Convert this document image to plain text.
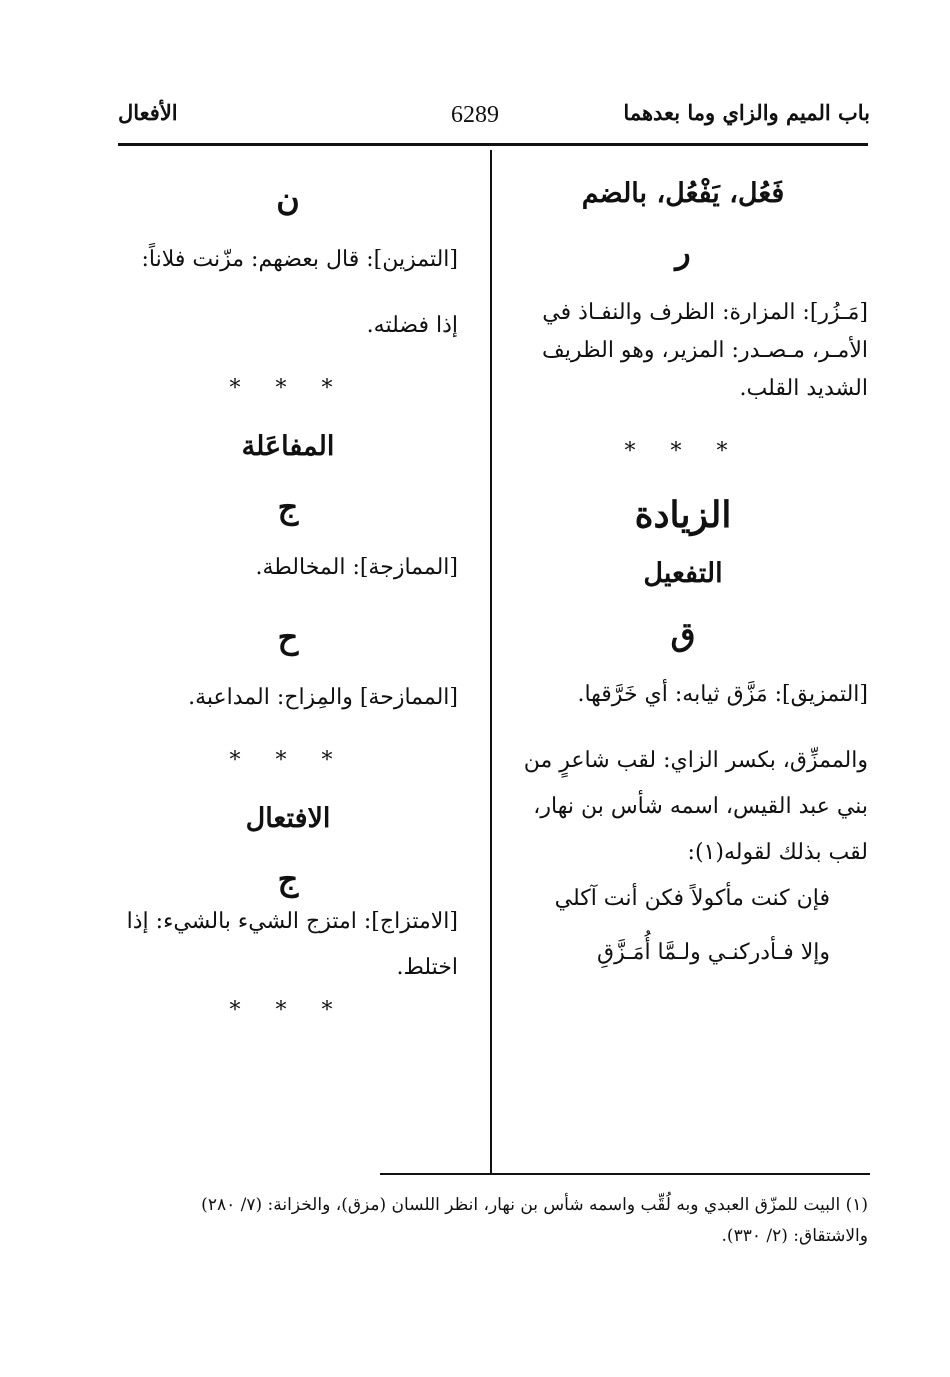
باب الميم والزاي وما بعدهما
6289
الأفعال
فَعُل، يَفْعُل، بالضم
ر
[مَـزُر]: المزارة: الظرف والنفـاذ في
الأمـر، مـصـدر: المزير، وهو الظريف
الشديد القلب.
* * *
الزيادة
التفعيل
ق
[التمزيق]: مَزَّق ثيابه: أي خَرَّقها.
والممزِّق، بكسر الزاي: لقب شاعرٍ من
بني عبد القيس، اسمه شأس بن نهار،
لقب بذلك لقوله(١):
فإن كنت مأكولاً فكن أنت آكلي
وإلا فـأدركنـي ولـمَّا أُمَـزَّقِ
ن
[التمزين]: قال بعضهم: مزّنت فلاناً:
إذا فضلته.
* * *
المفاعَلة
ج
[الممازجة]: المخالطة.
ح
[الممازحة] والمِزاح: المداعبة.
* * *
الافتعال
ج
[الامتزاج]: امتزج الشيء بالشيء: إذا
اختلط.
* * *
(١) البيت للمزّق العبدي وبه لُقِّب واسمه شأس بن نهار، انظر اللسان (مزق)، والخزانة: (٧/ ٢٨٠)
والاشتقاق: (٢/ ٣٣٠).
